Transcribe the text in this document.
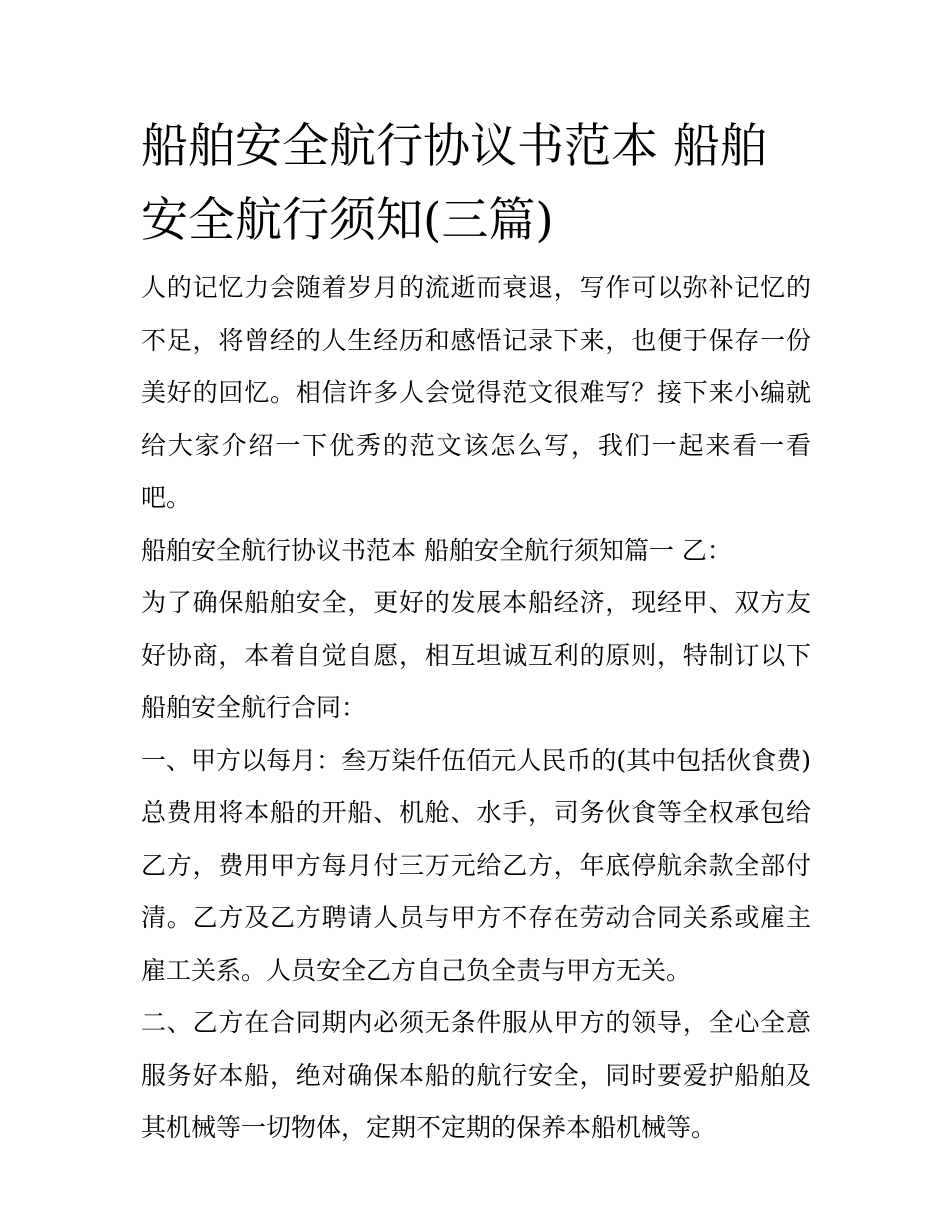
船舶安全航行协议书范本 船舶安全航行须知(三篇)

人的记忆力会随着岁月的流逝而衰退，写作可以弥补记忆的不足，将曾经的人生经历和感悟记录下来，也便于保存一份美好的回忆。相信许多人会觉得范文很难写？接下来小编就给大家介绍一下优秀的范文该怎么写，我们一起来看一看吧。

船舶安全航行协议书范本 船舶安全航行须知篇一 乙：

为了确保船舶安全，更好的发展本船经济，现经甲、双方友好协商，本着自觉自愿，相互坦诚互利的原则，特制订以下船舶安全航行合同：

一、甲方以每月：叁万柒仟伍佰元人民币的(其中包括伙食费)总费用将本船的开船、机舱、水手，司务伙食等全权承包给乙方，费用甲方每月付三万元给乙方，年底停航余款全部付清。乙方及乙方聘请人员与甲方不存在劳动合同关系或雇主雇工关系。人员安全乙方自己负全责与甲方无关。

二、乙方在合同期内必须无条件服从甲方的领导，全心全意服务好本船，绝对确保本船的航行安全，同时要爱护船舶及其机械等一切物体，定期不定期的保养本船机械等。
